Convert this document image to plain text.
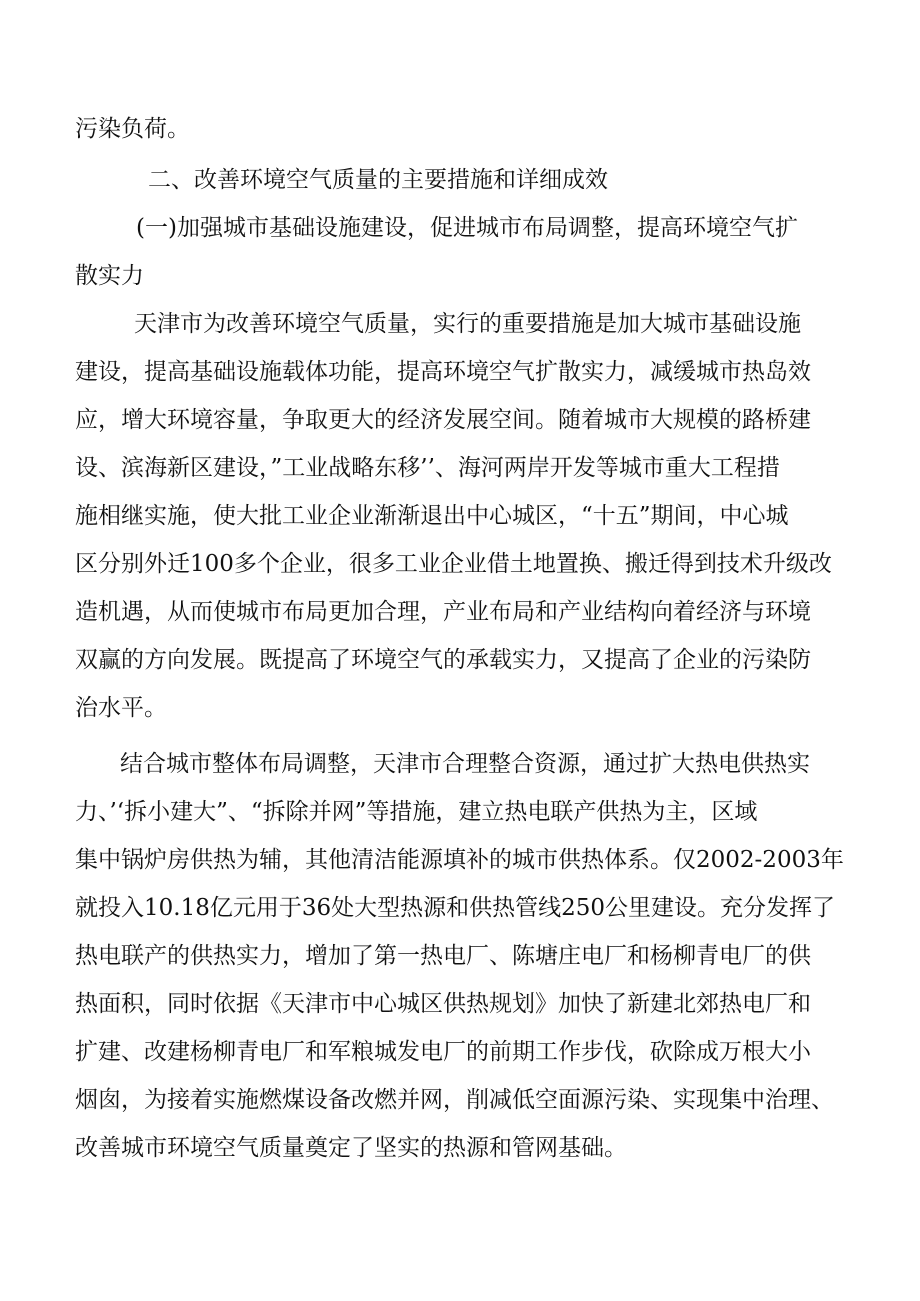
污染负荷。
二、改善环境空气质量的主要措施和详细成效
(一)加强城市基础设施建设，促进城市布局调整，提高环境空气扩
散实力
天津市为改善环境空气质量，实行的重要措施是加大城市基础设施
建设，提高基础设施载体功能，提高环境空气扩散实力，减缓城市热岛效
应，增大环境容量，争取更大的经济发展空间。随着城市大规模的路桥建
设、滨海新区建设，”工业战略东移’’、海河两岸开发等城市重大工程措
施相继实施，使大批工业企业渐渐退出中心城区，“十五”期间，中心城
区分别外迁100多个企业，很多工业企业借土地置换、搬迁得到技术升级改
造机遇，从而使城市布局更加合理，产业布局和产业结构向着经济与环境
双赢的方向发展。既提高了环境空气的承载实力，又提高了企业的污染防
治水平。
结合城市整体布局调整，天津市合理整合资源，通过扩大热电供热实
力、’‘拆小建大”、“拆除并网”等措施，建立热电联产供热为主，区域
集中锅炉房供热为辅，其他清洁能源填补的城市供热体系。仅2002-2003年
就投入10.18亿元用于36处大型热源和供热管线250公里建设。充分发挥了
热电联产的供热实力，增加了第一热电厂、陈塘庄电厂和杨柳青电厂的供
热面积，同时依据《天津市中心城区供热规划》加快了新建北郊热电厂和
扩建、改建杨柳青电厂和军粮城发电厂的前期工作步伐，砍除成万根大小
烟囱，为接着实施燃煤设备改燃并网，削减低空面源污染、实现集中治理、
改善城市环境空气质量奠定了坚实的热源和管网基础。
